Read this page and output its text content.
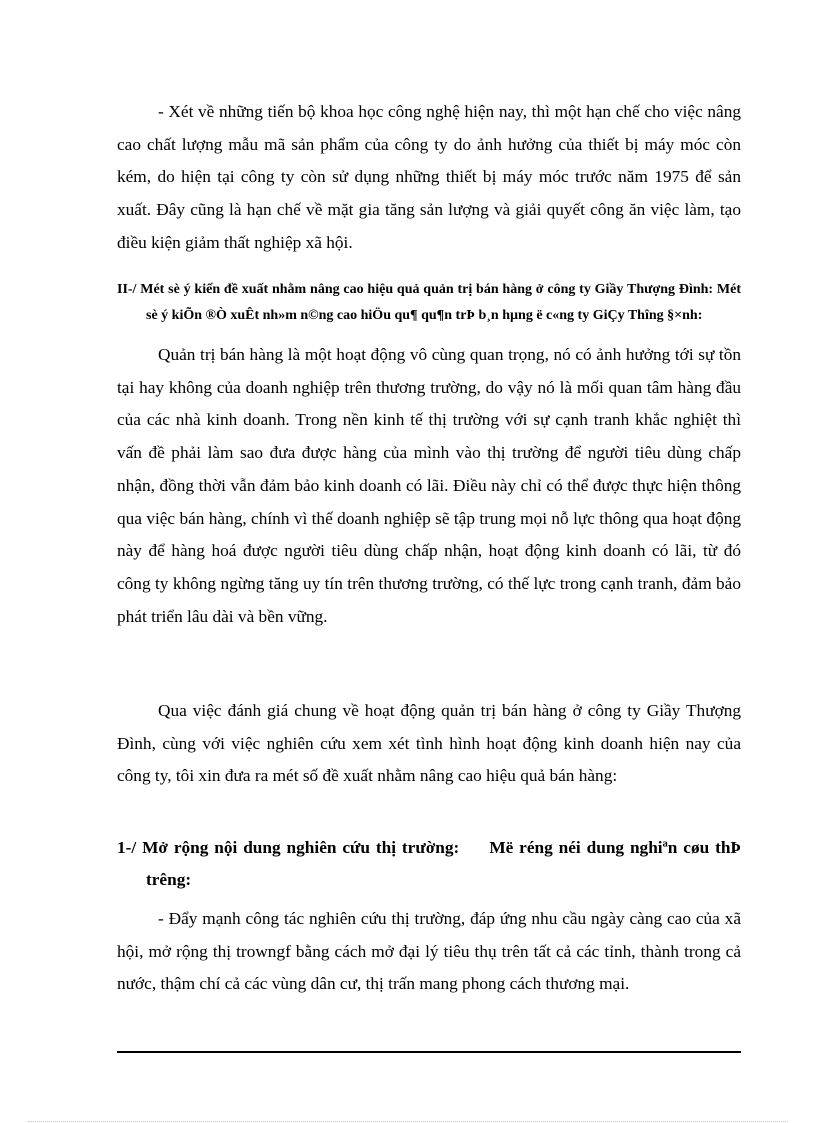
- Xét về những tiến bộ khoa học công nghệ hiện nay, thì một hạn chế cho việc nâng cao chất lượng mẫu mã sản phẩm của công ty do ảnh hưởng của thiết bị máy móc còn kém, do hiện tại công ty còn sử dụng những thiết bị máy móc trước năm 1975 để sản xuất. Đây cũng là hạn chế về mặt gia tăng sản lượng và giải quyết công ăn việc làm, tạo điều kiện giảm thất nghiệp xã hội.

II-/ Mét sè ý kiến đề xuất nhằm nâng cao hiệu quả quản trị bán hàng ở công ty Giầy Thượng Đình: Mét sè ý kiÕn ®Ò xuÊt nh»m n©ng cao hiÖu qu¶ qu¶n trÞ b¸n hµng ë c«ng ty GiÇy Thîng §×nh:

Quản trị bán hàng là một hoạt động vô cùng quan trọng, nó có ảnh hưởng tới sự tồn tại hay không của doanh nghiệp trên thương trường, do vậy nó là mối quan tâm hàng đầu của các nhà kinh doanh. Trong nền kinh tế thị trường với sự cạnh tranh khắc nghiệt thì vấn đề phải làm sao đưa được hàng của mình vào thị trường để người tiêu dùng chấp nhận, đồng thời vẫn đảm bảo kinh doanh có lãi. Điều này chỉ có thể được thực hiện thông qua việc bán hàng, chính vì thế doanh nghiệp sẽ tập trung mọi nỗ lực thông qua hoạt động này để hàng hoá được người tiêu dùng chấp nhận, hoạt động kinh doanh có lãi, từ đó công ty không ngừng tăng uy tín trên thương trường, có thế lực trong cạnh tranh, đảm bảo phát triển lâu dài và bền vững.

Qua việc đánh giá chung về hoạt động quản trị bán hàng ở công ty Giầy Thượng Đình, cùng với việc nghiên cứu xem xét tình hình hoạt động kinh doanh hiện nay của công ty, tôi xin đưa ra mét số đề xuất nhằm nâng cao hiệu quả bán hàng:

1-/ Mở rộng nội dung nghiên cứu thị trường: Më réng néi dung nghiªn cøu thÞ trêng:

- Đẩy mạnh công tác nghiên cứu thị trường, đáp ứng nhu cầu ngày càng cao của xã hội, mở rộng thị trowngf bằng cách mở đại lý tiêu thụ trên tất cả các tỉnh, thành trong cả nước, thậm chí cả các vùng dân cư, thị trấn mang phong cách thương mại.
